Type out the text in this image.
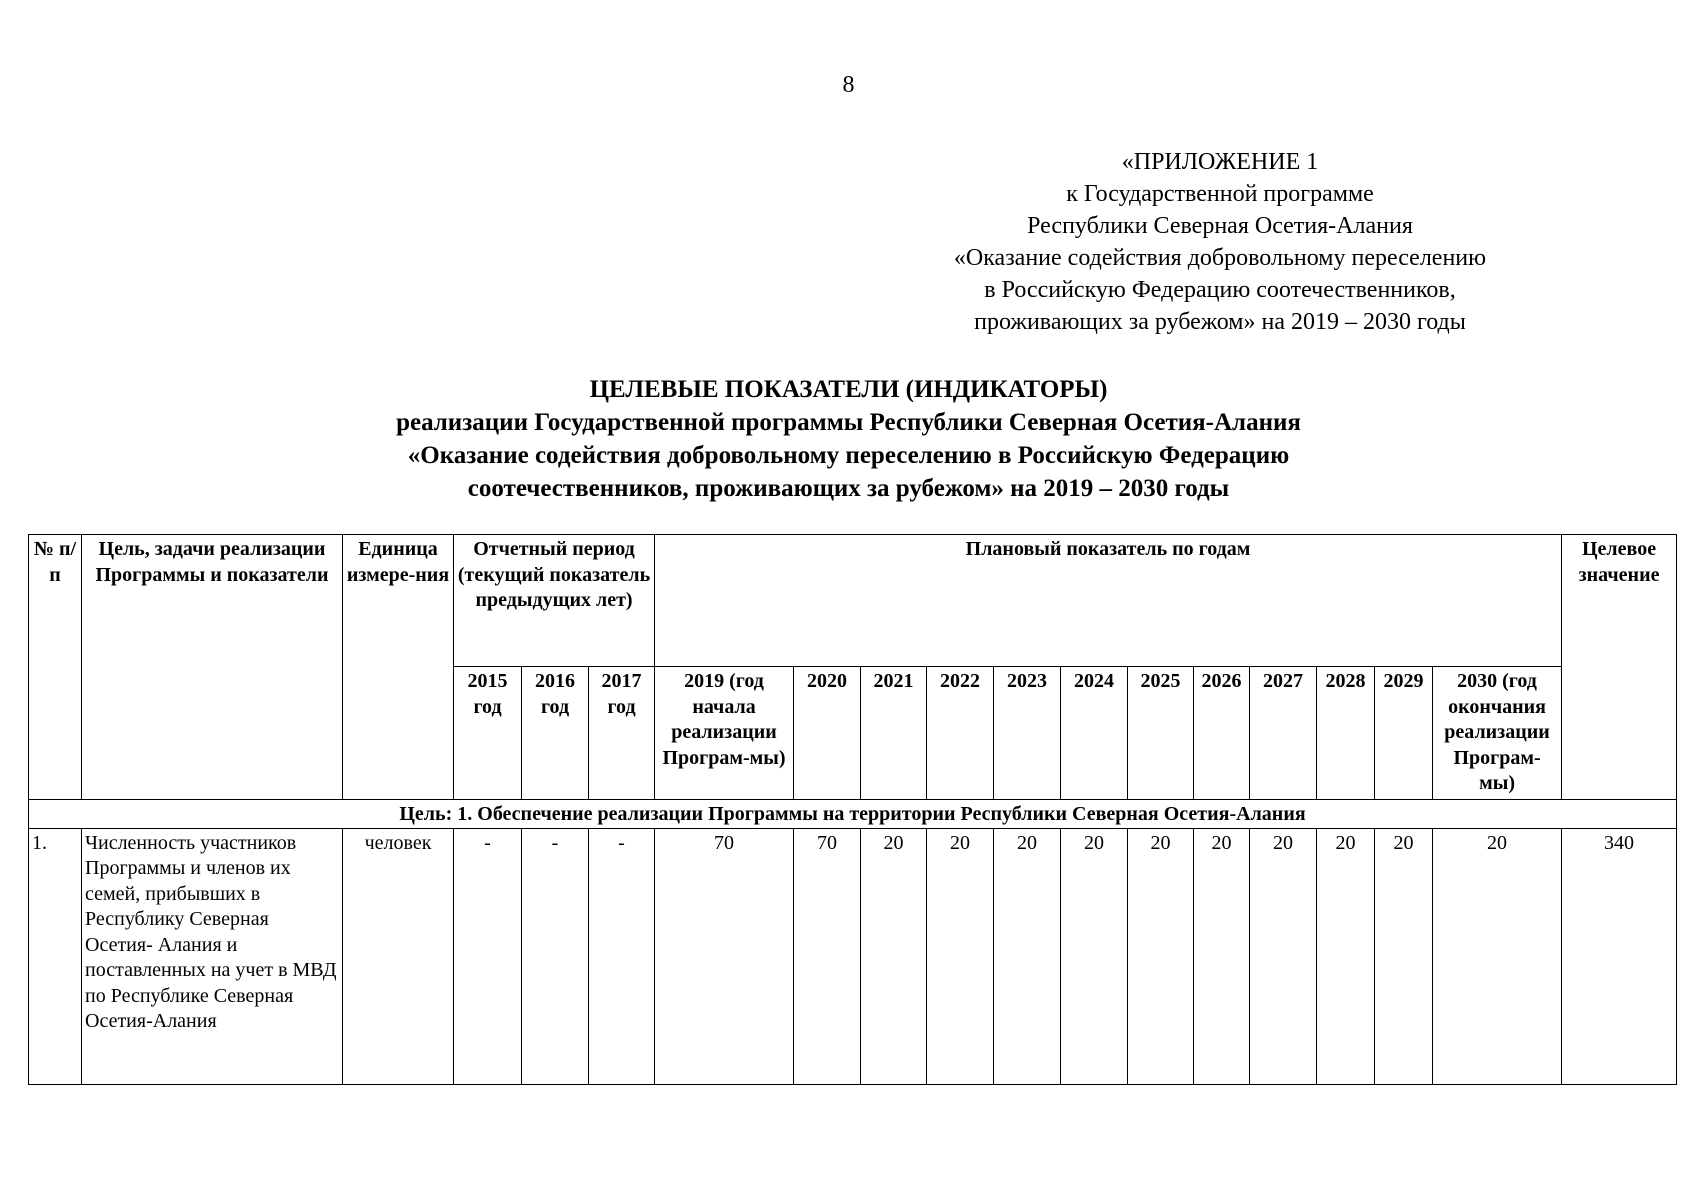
8
«ПРИЛОЖЕНИЕ 1
к Государственной программе
Республики Северная Осетия-Алания
«Оказание содействия добровольному переселению
в Российскую Федерацию соотечественников,
проживающих за рубежом» на 2019 – 2030 годы
ЦЕЛЕВЫЕ ПОКАЗАТЕЛИ (ИНДИКАТОРЫ)
реализации Государственной программы Республики Северная Осетия-Алания
«Оказание содействия добровольному переселению в Российскую Федерацию
соотечественников, проживающих за рубежом» на 2019 – 2030 годы
№ п/п	Цель, задачи реализации Программы и показатели	Единица измере-ния	Отчетный период (текущий показатель предыдущих лет)			Плановый показатель по годам												Целевое значение
			2015 год	2016 год	2017 год	2019 (год начала реализации Програм-мы)	2020	2021	2022	2023	2024	2025	2026	2027	2028	2029	2030 (год окончания реализации Програм-мы)	
Цель: 1. Обеспечение реализации Программы на территории Республики Северная Осетия-Алания																		
1.	Численность участников Программы и членов их семей, прибывших в Республику Северная Осетия- Алания и поставленных на учет в МВД по Республике Северная Осетия-Алания	человек	-	-	-	70	70	20	20	20	20	20	20	20	20	20	20	340
